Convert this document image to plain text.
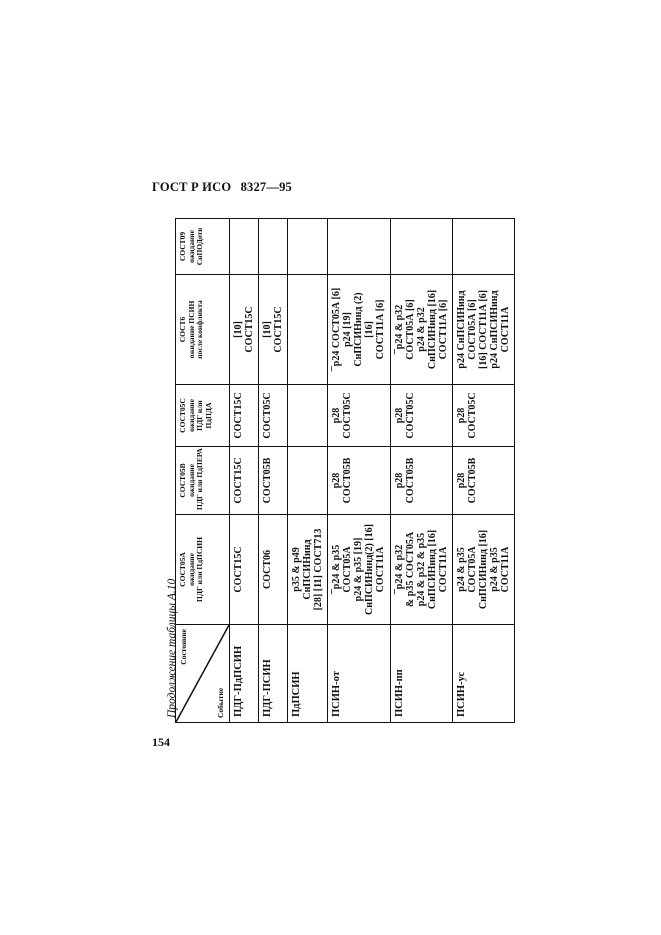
ГОСТ Р ИСО 8327—95
Продолжение таблицы А.10 Состояние
Событие	СОСТ05А ожидание ПДГ или ПдПСИН	СОСТ05В ожидание ПДГ или ПдПЕРА	СОСТ05С ожидание ПДГ или ПдПДА	СОСТ6 ожидание ПСИН после конфликта	СОСТ09 ожидание СнПОДотв

ПДГ-ПдПСИН	СОСТ15С	СОСТ15С	СОСТ15С	[10] СОСТ15С	

ПДГ-ПСИН	СОСТ06	СОСТ05В	СОСТ05С	[10] СОСТ15С	

ПдПСИН	p35 & p49 СнПСИНинд [28] [11] СОСТ713				

ПСИН-от	¯p24 & p35 СОСТ05А p24 & p35 [19] СнПСИНинд(2) [16] СОСТ11А	p28 СОСТ05В	p28 СОСТ05С	¯p24 СОСТ05А [6] p24 [19] СнПСИНинд (2) [16] СОСТ11А [6]	

ПСИН-пп	¯p24 & p32 & p35 СОСТ05А p24 & p32 & p35 СнПСИНинд [16] СОСТ11А	p28 СОСТ05В	p28 СОСТ05С	¯p24 & p32 СОСТ05А [6] p24 & p32 СнПСИНинд [16] СОСТ11А [6]	

ПСИН-ус	p24 & p35 СОСТ05А СнПСИНинд [16] p24 & p35 СОСТ11А	p28 СОСТ05В	p28 СОСТ05С	p24 СнПСИНинд СОСТ05А [6] [16] СОСТ11А [6] p24 СнПСИНинд СОСТ11А	

154
